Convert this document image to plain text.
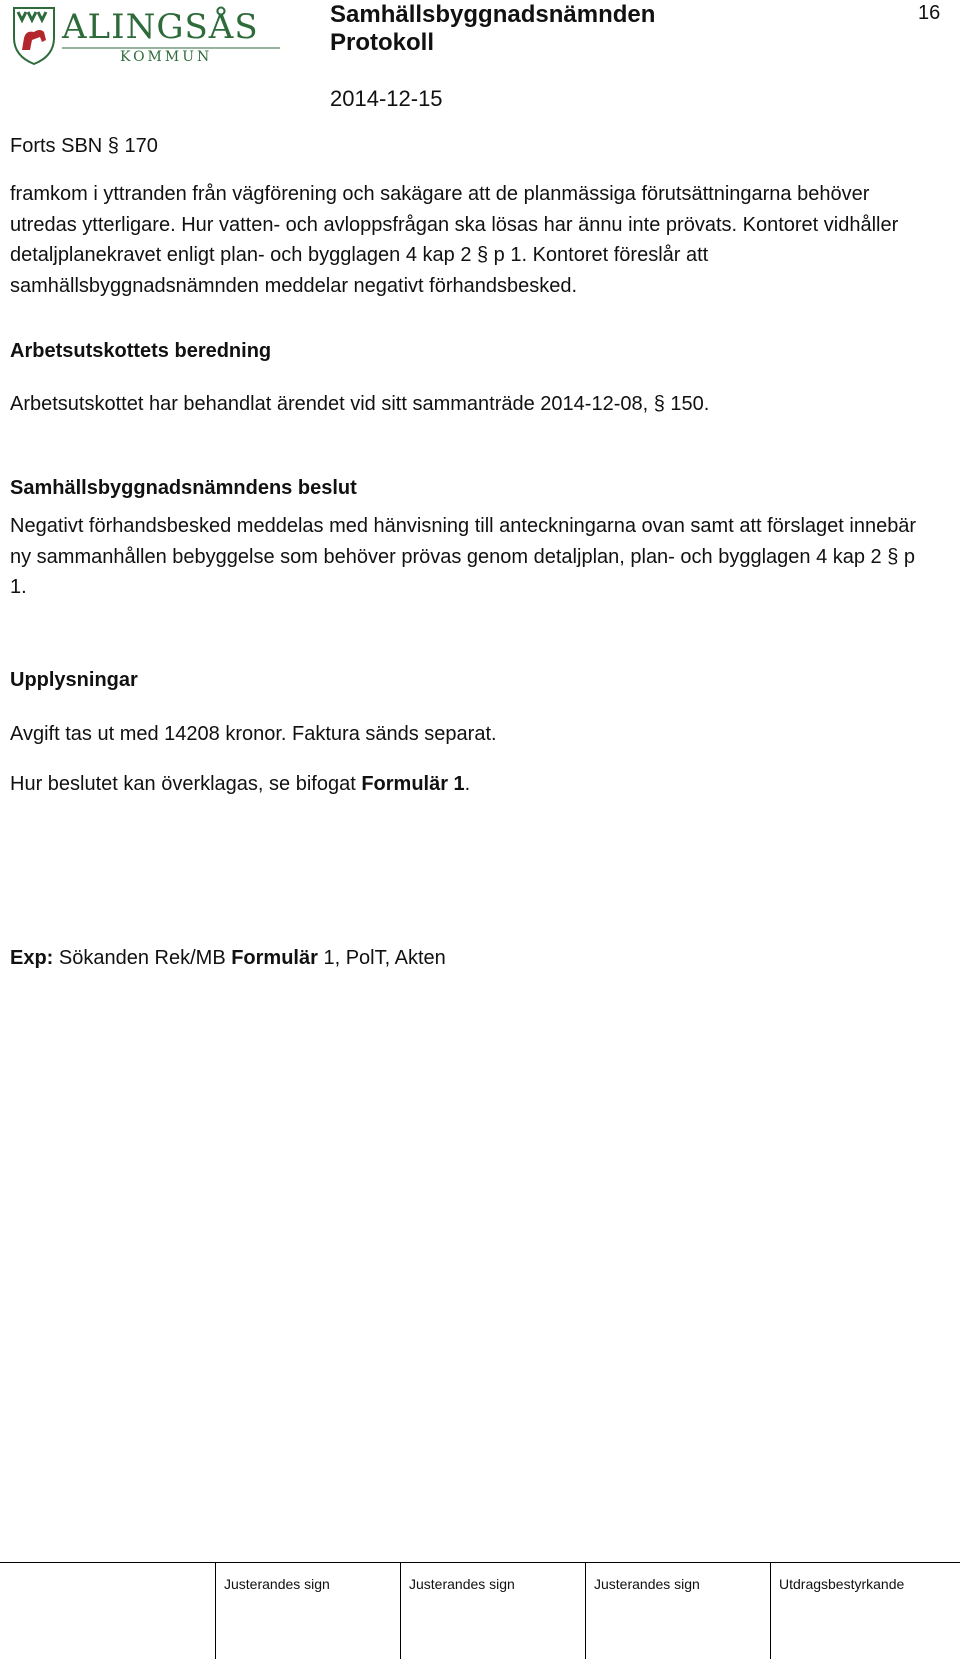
ALINGSÅS
KOMMUN
Samhällsbyggnadsnämnden
Protokoll
16
2014-12-15
Forts SBN § 170
framkom i yttranden från vägförening och sakägare att de planmässiga förutsättningarna behöver utredas ytterligare. Hur vatten- och avloppsfrågan ska lösas har ännu inte prövats. Kontoret vidhåller detaljplanekravet enligt plan- och bygglagen 4 kap 2 § p 1. Kontoret föreslår att samhällsbyggnadsnämnden meddelar negativt förhandsbesked.
Arbetsutskottets beredning
Arbetsutskottet har behandlat ärendet vid sitt sammanträde 2014-12-08, § 150.
Samhällsbyggnadsnämndens beslut
Negativt förhandsbesked meddelas med hänvisning till anteckningarna ovan samt att förslaget innebär ny sammanhållen bebyggelse som behöver prövas genom detaljplan, plan- och bygglagen 4 kap 2 § p 1.
Upplysningar
Avgift tas ut med 14208 kronor. Faktura sänds separat.
Hur beslutet kan överklagas, se bifogat Formulär 1.
Exp: Sökanden Rek/MB Formulär 1, PolT, Akten
Justerandes sign	Justerandes sign	Justerandes sign	Utdragsbestyrkande
